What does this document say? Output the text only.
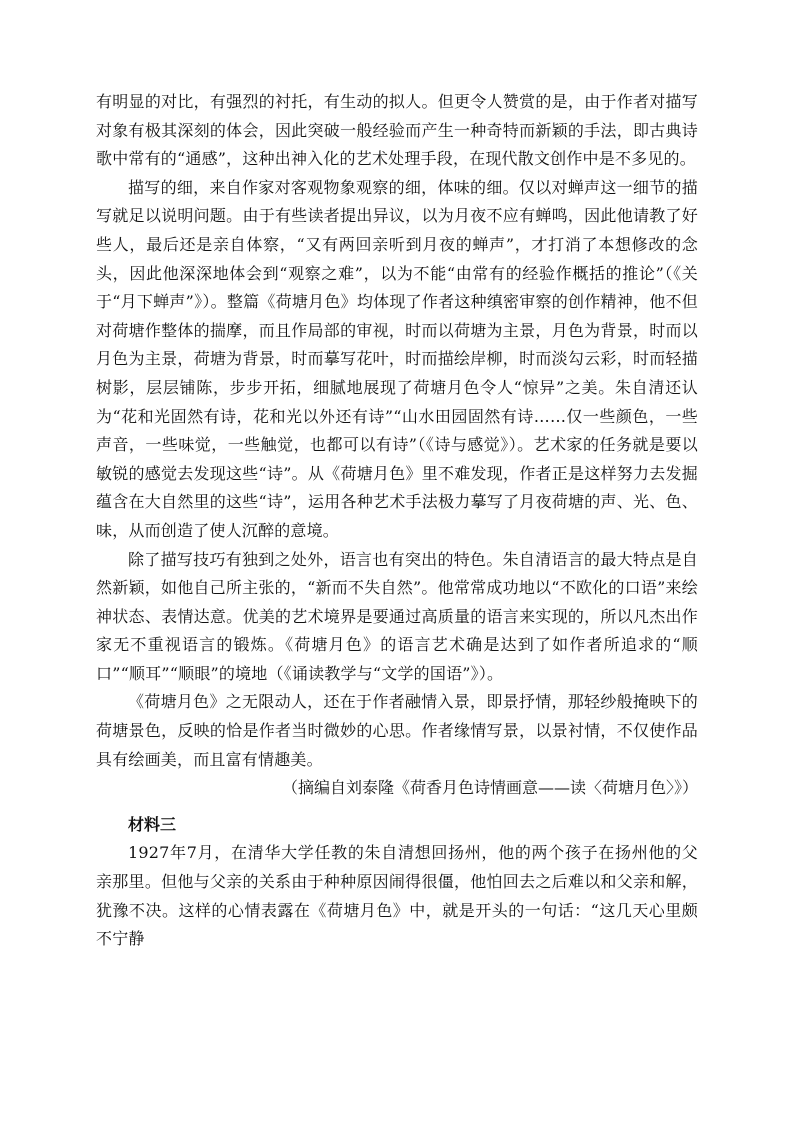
有明显的对比，有强烈的衬托，有生动的拟人。但更令人赞赏的是，由于作者对描写对象有极其深刻的体会，因此突破一般经验而产生一种奇特而新颖的手法，即古典诗歌中常有的“通感”，这种出神入化的艺术处理手段，在现代散文创作中是不多见的。

描写的细，来自作家对客观物象观察的细，体味的细。仅以对蝉声这一细节的描写就足以说明问题。由于有些读者提出异议，以为月夜不应有蝉鸣，因此他请教了好些人，最后还是亲自体察，“又有两回亲听到月夜的蝉声”，才打消了本想修改的念头，因此他深深地体会到“观察之难”，以为不能“由常有的经验作概括的推论”（《关于“月下蝉声”》）。整篇《荷塘月色》均体现了作者这种缜密审察的创作精神，他不但对荷塘作整体的揣摩，而且作局部的审视，时而以荷塘为主景，月色为背景，时而以月色为主景，荷塘为背景，时而摹写花叶，时而描绘岸柳，时而淡勾云彩，时而轻描树影，层层铺陈，步步开拓，细腻地展现了荷塘月色令人“惊异”之美。朱自清还认为“花和光固然有诗，花和光以外还有诗”“山水田园固然有诗……仅一些颜色，一些声音，一些味觉，一些触觉，也都可以有诗”（《诗与感觉》）。艺术家的任务就是要以敏锐的感觉去发现这些“诗”。从《荷塘月色》里不难发现，作者正是这样努力去发掘蕴含在大自然里的这些“诗”，运用各种艺术手法极力摹写了月夜荷塘的声、光、色、味，从而创造了使人沉醉的意境。

除了描写技巧有独到之处外，语言也有突出的特色。朱自清语言的最大特点是自然新颖，如他自己所主张的，“新而不失自然”。他常常成功地以“不欧化的口语”来绘神状态、表情达意。优美的艺术境界是要通过高质量的语言来实现的，所以凡杰出作家无不重视语言的锻炼。《荷塘月色》的语言艺术确是达到了如作者所追求的“顺口”“顺耳”“顺眼”的境地（《诵读教学与“文学的国语”》）。

《荷塘月色》之无限动人，还在于作者融情入景，即景抒情，那轻纱般掩映下的荷塘景色，反映的恰是作者当时微妙的心思。作者缘情写景，以景衬情，不仅使作品具有绘画美，而且富有情趣美。

（摘编自刘泰隆《荷香月色诗情画意——读〈荷塘月色〉》）

材料三

1927年7月，在清华大学任教的朱自清想回扬州，他的两个孩子在扬州他的父亲那里。但他与父亲的关系由于种种原因闹得很僵，他怕回去之后难以和父亲和解，犹豫不决。这样的心情表露在《荷塘月色》中，就是开头的一句话：“这几天心里颇不宁静
